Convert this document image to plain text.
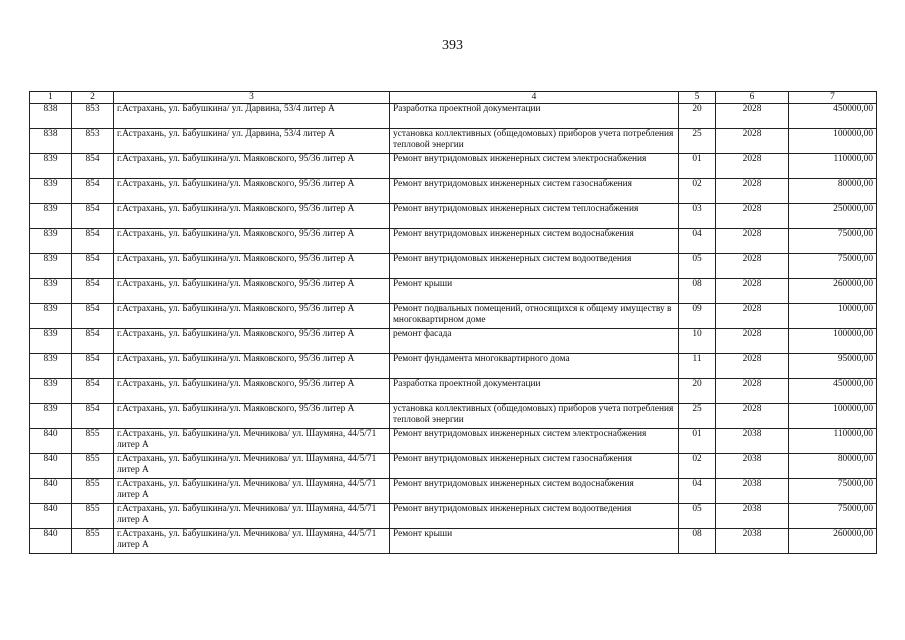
393
1	2	3	4	5	6	7
838	853	г.Астрахань, ул. Бабушкина/ ул. Дарвина, 53/4 литер А	Разработка проектной документации	20	2028	450000,00
838	853	г.Астрахань, ул. Бабушкина/ ул. Дарвина, 53/4 литер А	установка коллективных (общедомовых) приборов учета потребления тепловой энергии	25	2028	100000,00
839	854	г.Астрахань, ул. Бабушкина/ул. Маяковского, 95/36 литер А	Ремонт внутридомовых инженерных систем электроснабжения	01	2028	110000,00
839	854	г.Астрахань, ул. Бабушкина/ул. Маяковского, 95/36 литер А	Ремонт внутридомовых инженерных систем газоснабжения	02	2028	80000,00
839	854	г.Астрахань, ул. Бабушкина/ул. Маяковского, 95/36 литер А	Ремонт внутридомовых инженерных систем теплоснабжения	03	2028	250000,00
839	854	г.Астрахань, ул. Бабушкина/ул. Маяковского, 95/36 литер А	Ремонт внутридомовых инженерных систем водоснабжения	04	2028	75000,00
839	854	г.Астрахань, ул. Бабушкина/ул. Маяковского, 95/36 литер А	Ремонт внутридомовых инженерных систем водоотведения	05	2028	75000,00
839	854	г.Астрахань, ул. Бабушкина/ул. Маяковского, 95/36 литер А	Ремонт крыши	08	2028	260000,00
839	854	г.Астрахань, ул. Бабушкина/ул. Маяковского, 95/36 литер А	Ремонт подвальных помещений, относящихся к общему имуществу в многоквартирном доме	09	2028	10000,00
839	854	г.Астрахань, ул. Бабушкина/ул. Маяковского, 95/36 литер А	ремонт фасада	10	2028	100000,00
839	854	г.Астрахань, ул. Бабушкина/ул. Маяковского, 95/36 литер А	Ремонт фундамента многоквартирного дома	11	2028	95000,00
839	854	г.Астрахань, ул. Бабушкина/ул. Маяковского, 95/36 литер А	Разработка проектной документации	20	2028	450000,00
839	854	г.Астрахань, ул. Бабушкина/ул. Маяковского, 95/36 литер А	установка коллективных (общедомовых) приборов учета потребления тепловой энергии	25	2028	100000,00
840	855	г.Астрахань, ул. Бабушкина/ул. Мечникова/ ул. Шаумяна, 44/5/71 литер А	Ремонт внутридомовых инженерных систем электроснабжения	01	2038	110000,00
840	855	г.Астрахань, ул. Бабушкина/ул. Мечникова/ ул. Шаумяна, 44/5/71 литер А	Ремонт внутридомовых инженерных систем газоснабжения	02	2038	80000,00
840	855	г.Астрахань, ул. Бабушкина/ул. Мечникова/ ул. Шаумяна, 44/5/71 литер А	Ремонт внутридомовых инженерных систем водоснабжения	04	2038	75000,00
840	855	г.Астрахань, ул. Бабушкина/ул. Мечникова/ ул. Шаумяна, 44/5/71 литер А	Ремонт внутридомовых инженерных систем водоотведения	05	2038	75000,00
840	855	г.Астрахань, ул. Бабушкина/ул. Мечникова/ ул. Шаумяна, 44/5/71 литер А	Ремонт крыши	08	2038	260000,00
